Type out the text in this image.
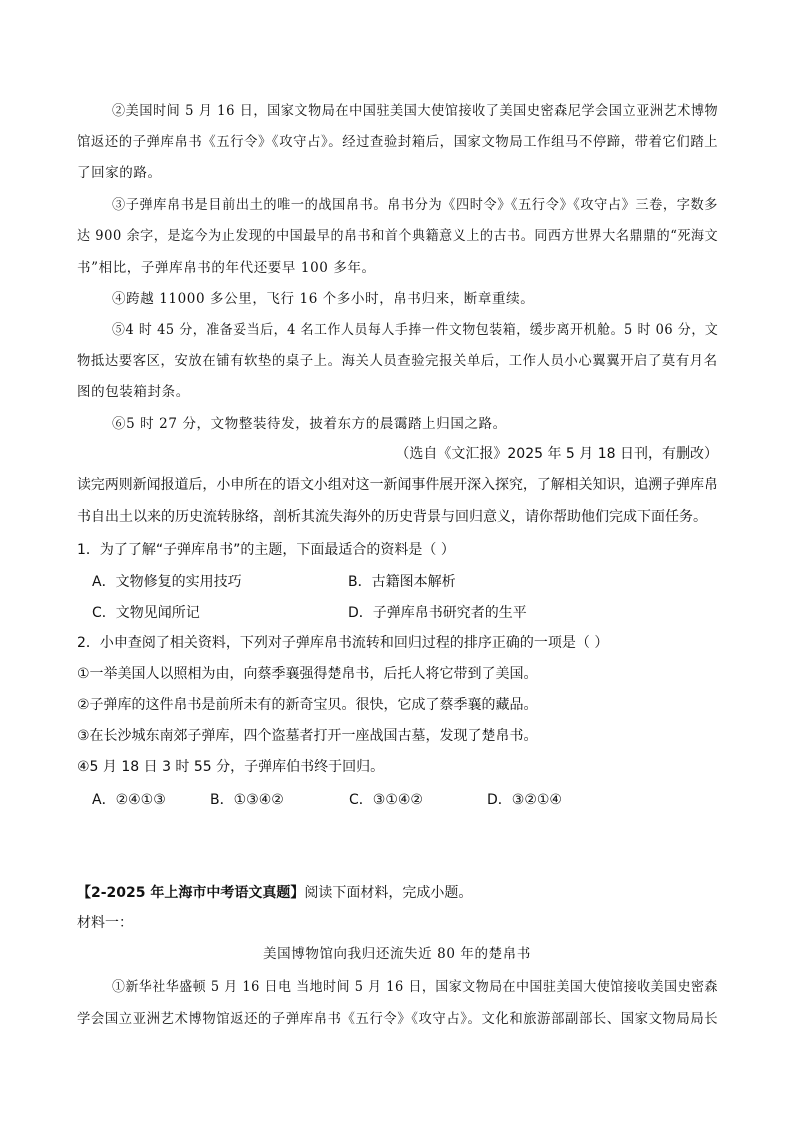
②美国时间 5 月 16 日，国家文物局在中国驻美国大使馆接收了美国史密森尼学会国立亚洲艺术博物
馆返还的子弹库帛书《五行令》《攻守占》。经过查验封箱后，国家文物局工作组马不停蹄，带着它们踏上
了回家的路。
③子弹库帛书是目前出土的唯一的战国帛书。帛书分为《四时令》《五行令》《攻守占》三卷，字数多
达 900 余字，是迄今为止发现的中国最早的帛书和首个典籍意义上的古书。同西方世界大名鼎鼎的“死海文
书”相比，子弹库帛书的年代还要早 100 多年。
④跨越 11000 多公里，飞行 16 个多小时，帛书归来，断章重续。
⑤4 时 45 分，准备妥当后，4 名工作人员每人手捧一件文物包装箱，缓步离开机舱。5 时 06 分，文
物抵达要客区，安放在铺有软垫的桌子上。海关人员查验完报关单后，工作人员小心翼翼开启了莫有月名
图的包装箱封条。
⑥5 时 27 分，文物整装待发，披着东方的晨霭踏上归国之路。
（选自《文汇报》2025 年 5 月 18 日刊，有删改）
读完两则新闻报道后，小申所在的语文小组对这一新闻事件展开深入探究，了解相关知识，追溯子弹库帛
书自出土以来的历史流转脉络，剖析其流失海外的历史背景与回归意义，请你帮助他们完成下面任务。
1．为了了解“子弹库帛书”的主题，下面最适合的资料是（ ）
A．文物修复的实用技巧	B．古籍图本解析
C．文物见闻所记	D．子弹库帛书研究者的生平
2．小申查阅了相关资料，下列对子弹库帛书流转和回归过程的排序正确的一项是（ ）
①一举美国人以照相为由，向蔡季襄强得楚帛书，后托人将它带到了美国。
②子弹库的这件帛书是前所未有的新奇宝贝。很快，它成了蔡季襄的藏品。
③在长沙城东南郊子弹库，四个盗墓者打开一座战国古墓，发现了楚帛书。
④5 月 18 日 3 时 55 分，子弹库伯书终于回归。
A．②④①③	B．①③④②	C．③①④②	D．③②①④
【2-2025 年上海市中考语文真题】阅读下面材料，完成小题。
材料一：
美国博物馆向我归还流失近 80 年的楚帛书
①新华社华盛顿 5 月 16 日电 当地时间 5 月 16 日，国家文物局在中国驻美国大使馆接收美国史密森
学会国立亚洲艺术博物馆返还的子弹库帛书《五行令》《攻守占》。文化和旅游部副部长、国家文物局局长
